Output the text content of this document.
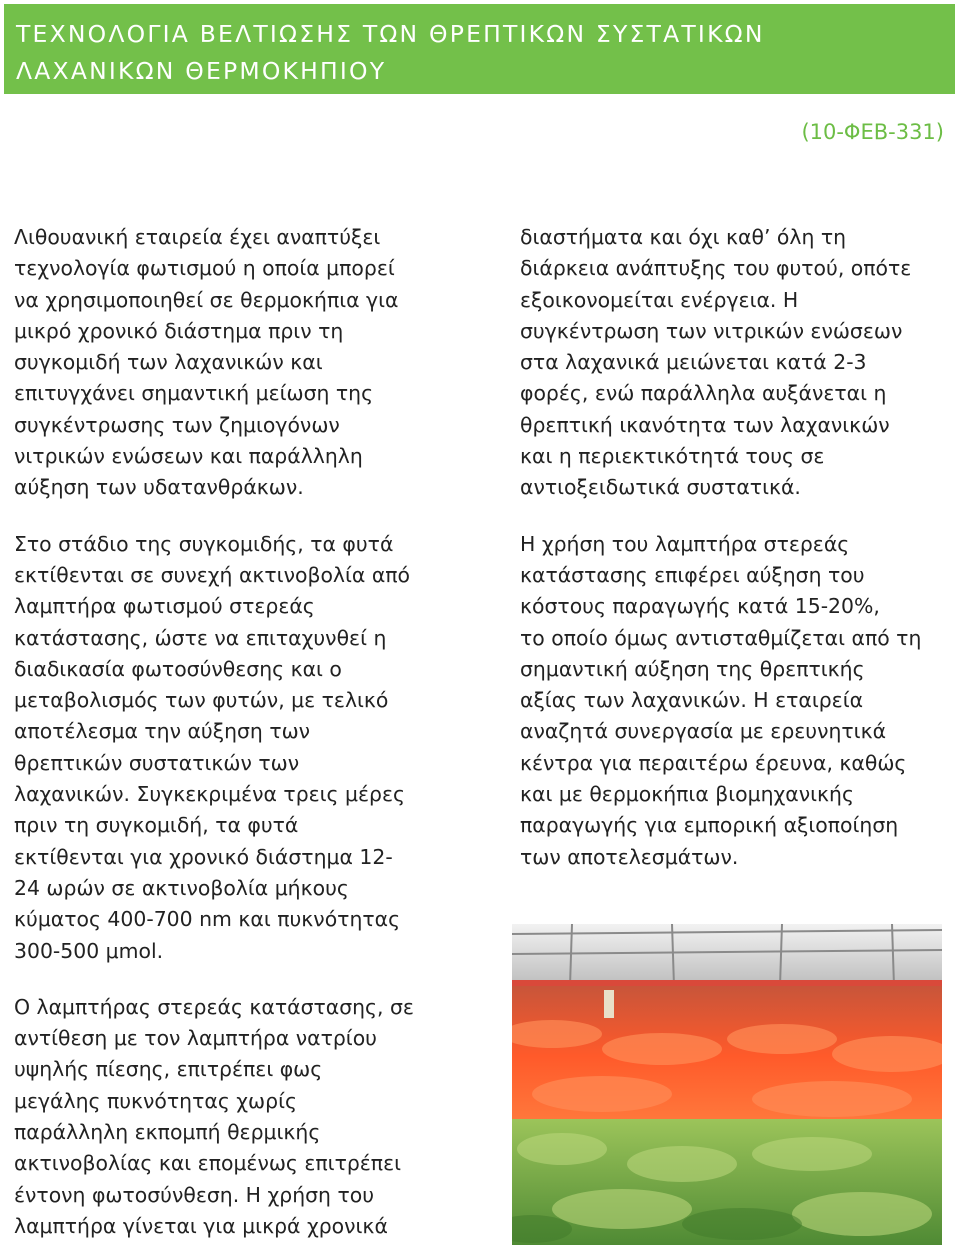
ΤΕΧΝΟΛΟΓΙΑ ΒΕΛΤΙΩΣΗΣ ΤΩΝ ΘΡΕΠΤΙΚΩΝ ΣΥΣΤΑΤΙΚΩΝ
ΛΑΧΑΝΙΚΩΝ ΘΕΡΜΟΚΗΠΙΟΥ
(10-ΦΕΒ-331)

Λιθουανική εταιρεία έχει αναπτύξει
τεχνολογία φωτισμού η οποία μπορεί
να χρησιμοποιηθεί σε θερμοκήπια για
μικρό χρονικό διάστημα πριν τη
συγκομιδή των λαχανικών και
επιτυγχάνει σημαντική μείωση της
συγκέντρωσης των ζημιογόνων
νιτρικών ενώσεων και παράλληλη
αύξηση των υδατανθράκων.

Στο στάδιο της συγκομιδής, τα φυτά
εκτίθενται σε συνεχή ακτινοβολία από
λαμπτήρα φωτισμού στερεάς
κατάστασης, ώστε να επιταχυνθεί η
διαδικασία φωτοσύνθεσης και ο
μεταβολισμός των φυτών, με τελικό
αποτέλεσμα την αύξηση των
θρεπτικών συστατικών των
λαχανικών. Συγκεκριμένα τρεις μέρες
πριν τη συγκομιδή, τα φυτά
εκτίθενται για χρονικό διάστημα 12-
24 ωρών σε ακτινοβολία μήκους
κύματος 400-700 nm και πυκνότητας
300-500 μmol.

Ο λαμπτήρας στερεάς κατάστασης, σε
αντίθεση με τον λαμπτήρα νατρίου
υψηλής πίεσης, επιτρέπει φως
μεγάλης πυκνότητας χωρίς
παράλληλη εκπομπή θερμικής
ακτινοβολίας και επομένως επιτρέπει
έντονη φωτοσύνθεση. Η χρήση του
λαμπτήρα γίνεται για μικρά χρονικά

διαστήματα και όχι καθ’ όλη τη
διάρκεια ανάπτυξης του φυτού, οπότε
εξοικονομείται ενέργεια. Η
συγκέντρωση των νιτρικών ενώσεων
στα λαχανικά μειώνεται κατά 2-3
φορές, ενώ παράλληλα αυξάνεται η
θρεπτική ικανότητα των λαχανικών
και η περιεκτικότητά τους σε
αντιοξειδωτικά συστατικά.

Η χρήση του λαμπτήρα στερεάς
κατάστασης επιφέρει αύξηση του
κόστους παραγωγής κατά 15-20%,
το οποίο όμως αντισταθμίζεται από τη
σημαντική αύξηση της θρεπτικής
αξίας των λαχανικών. Η εταιρεία
αναζητά συνεργασία με ερευνητικά
κέντρα για περαιτέρω έρευνα, καθώς
και με θερμοκήπια βιομηχανικής
παραγωγής για εμπορική αξιοποίηση
των αποτελεσμάτων.
